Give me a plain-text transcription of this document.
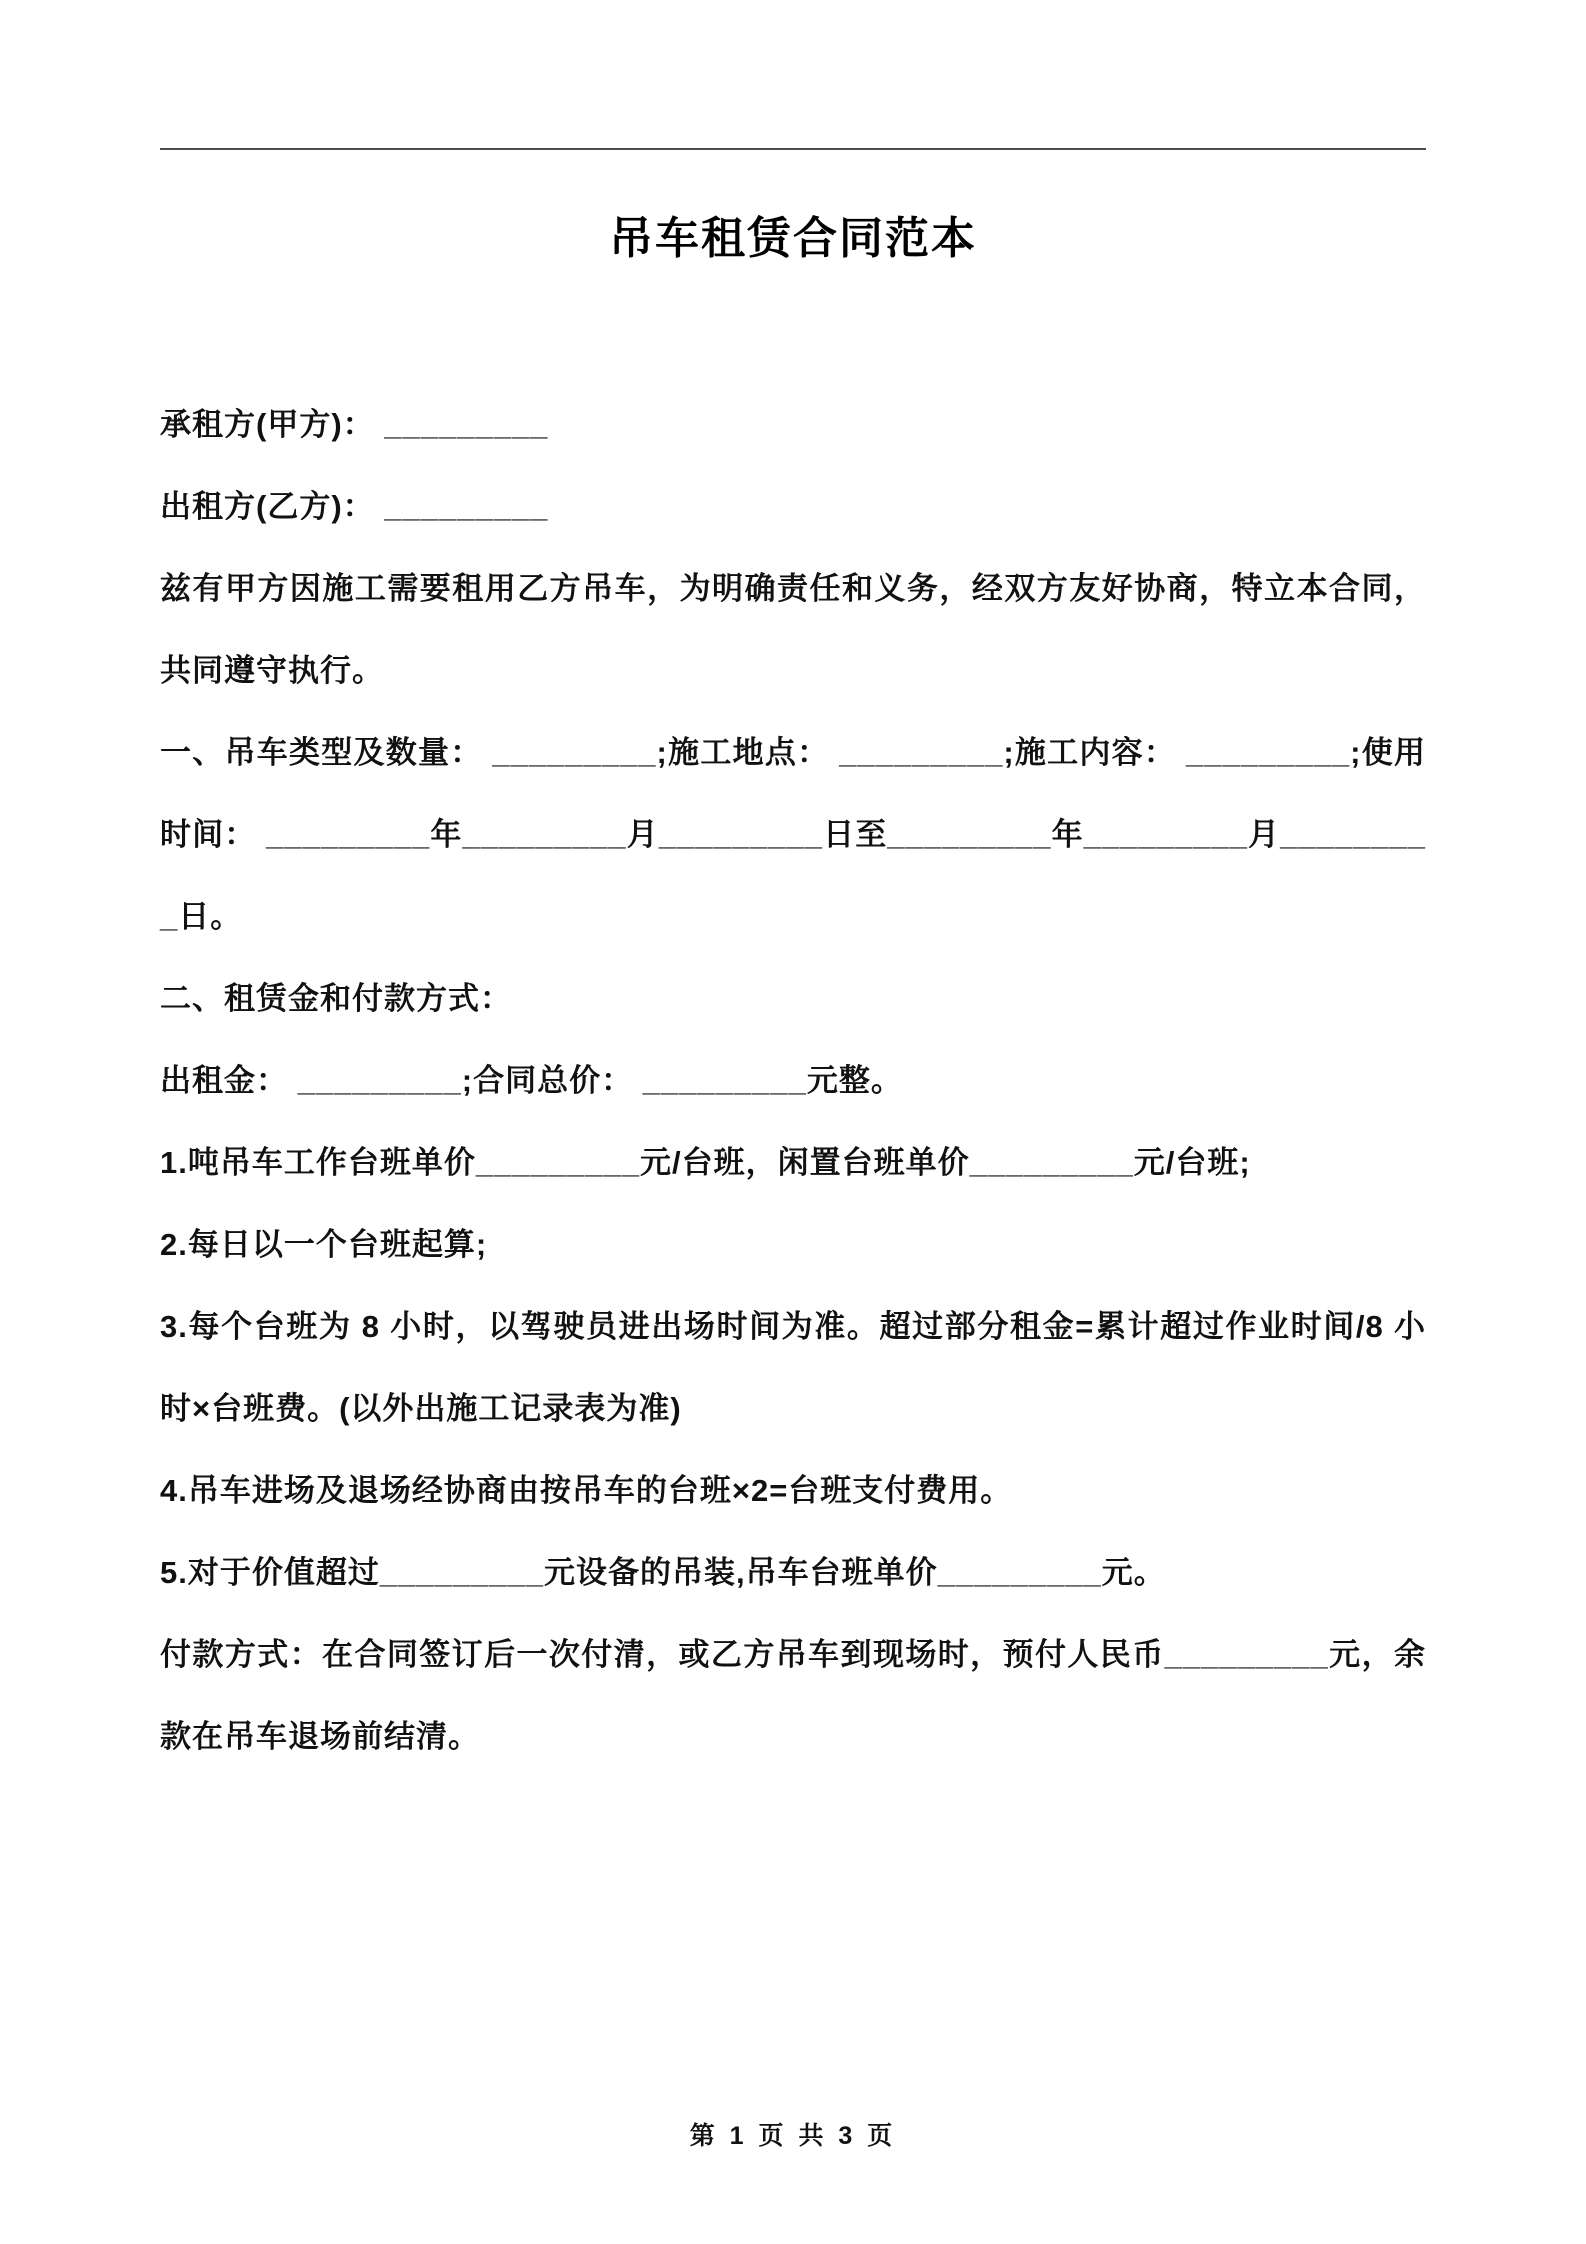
吊车租赁合同范本

承租方(甲方)： _________

出租方(乙方)： _________

兹有甲方因施工需要租用乙方吊车，为明确责任和义务，经双方友好协商，特立本合同，共同遵守执行。

一、吊车类型及数量： _________;施工地点： _________;施工内容： _________;使用时间： _________年_________月_________日至_________年_________月_________日。

二、租赁金和付款方式：

出租金： _________;合同总价： _________元整。

1.吨吊车工作台班单价_________元/台班，闲置台班单价_________元/台班;

2.每日以一个台班起算;

3.每个台班为 8 小时，以驾驶员进出场时间为准。超过部分租金=累计超过作业时间/8 小时×台班费。(以外出施工记录表为准)

4.吊车进场及退场经协商由按吊车的台班×2=台班支付费用。

5.对于价值超过_________元设备的吊装,吊车台班单价_________元。

付款方式：在合同签订后一次付清，或乙方吊车到现场时，预付人民币_________元，余款在吊车退场前结清。

第 1 页 共 3 页
